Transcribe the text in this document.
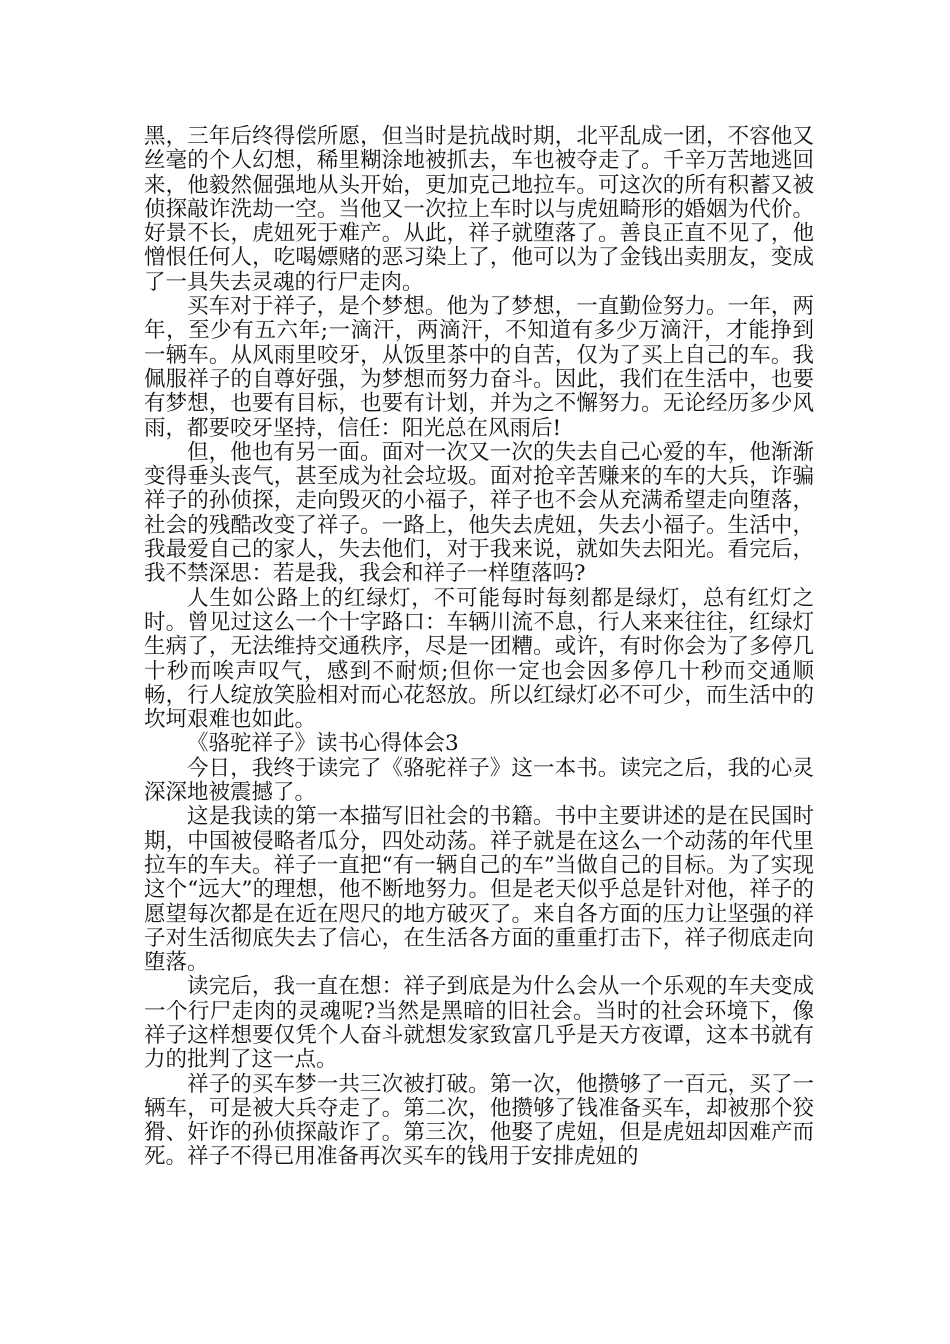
黑，三年后终得偿所愿，但当时是抗战时期，北平乱成一团，不容他又丝毫的个人幻想，稀里糊涂地被抓去，车也被夺走了。千辛万苦地逃回来，他毅然倔强地从头开始，更加克己地拉车。可这次的所有积蓄又被侦探敲诈洗劫一空。当他又一次拉上车时以与虎妞畸形的婚姻为代价。好景不长，虎妞死于难产。从此，祥子就堕落了。善良正直不见了，他憎恨任何人，吃喝嫖赌的恶习染上了，他可以为了金钱出卖朋友，变成了一具失去灵魂的行尸走肉。

买车对于祥子，是个梦想。他为了梦想，一直勤俭努力。一年，两年，至少有五六年;一滴汗，两滴汗，不知道有多少万滴汗，才能挣到一辆车。从风雨里咬牙，从饭里茶中的自苦，仅为了买上自己的车。我佩服祥子的自尊好强，为梦想而努力奋斗。因此，我们在生活中，也要有梦想，也要有目标，也要有计划，并为之不懈努力。无论经历多少风雨，都要咬牙坚持，信任：阳光总在风雨后!

但，他也有另一面。面对一次又一次的失去自己心爱的车，他渐渐变得垂头丧气，甚至成为社会垃圾。面对抢辛苦赚来的车的大兵，诈骗祥子的孙侦探，走向毁灭的小福子，祥子也不会从充满希望走向堕落，社会的残酷改变了祥子。一路上，他失去虎妞，失去小福子。生活中，我最爱自己的家人，失去他们，对于我来说，就如失去阳光。看完后，我不禁深思：若是我，我会和祥子一样堕落吗?

人生如公路上的红绿灯，不可能每时每刻都是绿灯，总有红灯之时。曾见过这么一个十字路口：车辆川流不息，行人来来往往，红绿灯生病了，无法维持交通秩序，尽是一团糟。或许，有时你会为了多停几十秒而唉声叹气，感到不耐烦;但你一定也会因多停几十秒而交通顺畅，行人绽放笑脸相对而心花怒放。所以红绿灯必不可少，而生活中的坎坷艰难也如此。

《骆驼祥子》读书心得体会3

今日，我终于读完了《骆驼祥子》这一本书。读完之后，我的心灵深深地被震撼了。

这是我读的第一本描写旧社会的书籍。书中主要讲述的是在民国时期，中国被侵略者瓜分，四处动荡。祥子就是在这么一个动荡的年代里拉车的车夫。祥子一直把“有一辆自己的车”当做自己的目标。为了实现这个“远大”的理想，他不断地努力。但是老天似乎总是针对他，祥子的愿望每次都是在近在咫尺的地方破灭了。来自各方面的压力让坚强的祥子对生活彻底失去了信心，在生活各方面的重重打击下，祥子彻底走向堕落。

读完后，我一直在想：祥子到底是为什么会从一个乐观的车夫变成一个行尸走肉的灵魂呢?当然是黑暗的旧社会。当时的社会环境下，像祥子这样想要仅凭个人奋斗就想发家致富几乎是天方夜谭，这本书就有力的批判了这一点。

祥子的买车梦一共三次被打破。第一次，他攒够了一百元，买了一辆车，可是被大兵夺走了。第二次，他攒够了钱准备买车，却被那个狡猾、奸诈的孙侦探敲诈了。第三次，他娶了虎妞，但是虎妞却因难产而死。祥子不得已用准备再次买车的钱用于安排虎妞的
